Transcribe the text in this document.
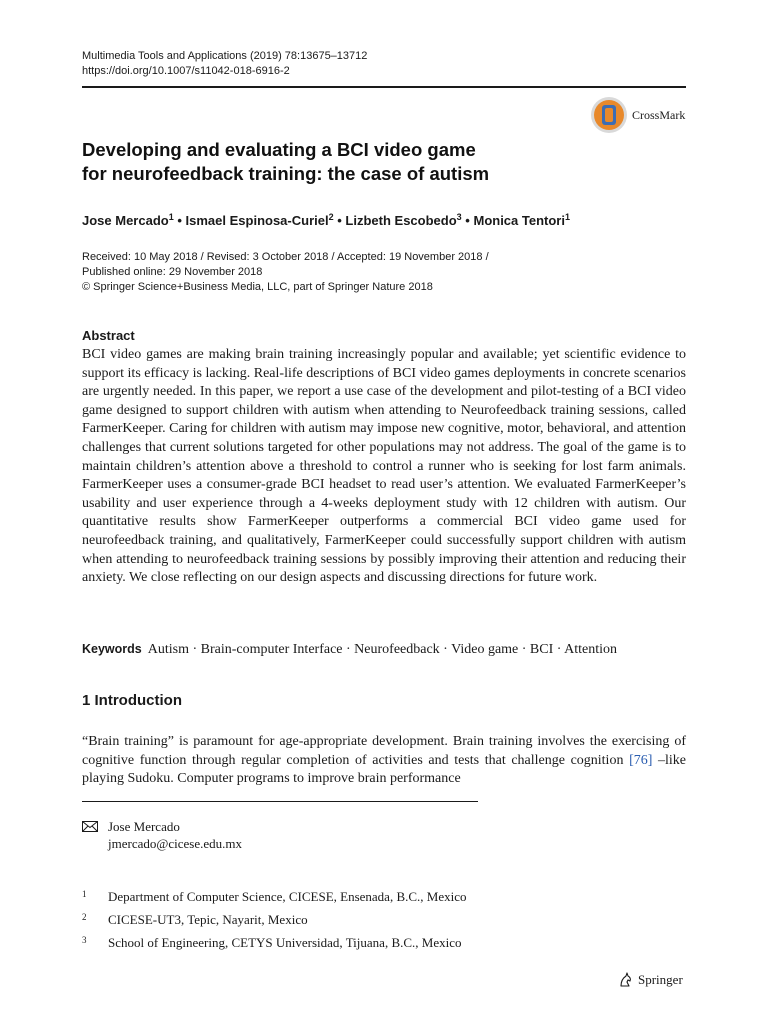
Multimedia Tools and Applications (2019) 78:13675–13712
https://doi.org/10.1007/s11042-018-6916-2
CrossMark
Developing and evaluating a BCI video game
for neurofeedback training: the case of autism
Jose Mercado$^1$ • Ismael Espinosa-Curiel$^2$ • Lizbeth Escobedo$^3$ • Monica Tentori$^1$
Received: 10 May 2018 / Revised: 3 October 2018 / Accepted: 19 November 2018 /
Published online: 29 November 2018
© Springer Science+Business Media, LLC, part of Springer Nature 2018
Abstract
BCI video games are making brain training increasingly popular and available; yet scientific evidence to support its efficacy is lacking. Real-life descriptions of BCI video games deployments in concrete scenarios are urgently needed. In this paper, we report a use case of the development and pilot-testing of a BCI video game designed to support children with autism when attending to Neurofeedback training sessions, called FarmerKeeper. Caring for children with autism may impose new cognitive, motor, behavioral, and attention challenges that current solutions targeted for other populations may not address. The goal of the game is to maintain children’s attention above a threshold to control a runner who is seeking for lost farm animals. FarmerKeeper uses a consumer-grade BCI headset to read user’s attention. We evaluated FarmerKeeper’s usability and user experience through a 4-weeks deployment study with 12 children with autism. Our quantitative results show FarmerKeeper outperforms a commercial BCI video game used for neurofeedback training, and qualitatively, FarmerKeeper could successfully support children with autism when attending to neurofeedback training sessions by possibly improving their attention and reducing their anxiety. We close reflecting on our design aspects and discussing directions for future work.
Keywords Autism · Brain-computer Interface · Neurofeedback · Video game · BCI · Attention
1 Introduction
“Brain training” is paramount for age-appropriate development. Brain training involves the exercising of cognitive function through regular completion of activities and tests that challenge cognition [76] –like playing Sudoku. Computer programs to improve brain performance
Jose Mercado
jmercado@cicese.edu.mx
1	Department of Computer Science, CICESE, Ensenada, B.C., Mexico
2	CICESE-UT3, Tepic, Nayarit, Mexico
3	School of Engineering, CETYS Universidad, Tijuana, B.C., Mexico
Springer
